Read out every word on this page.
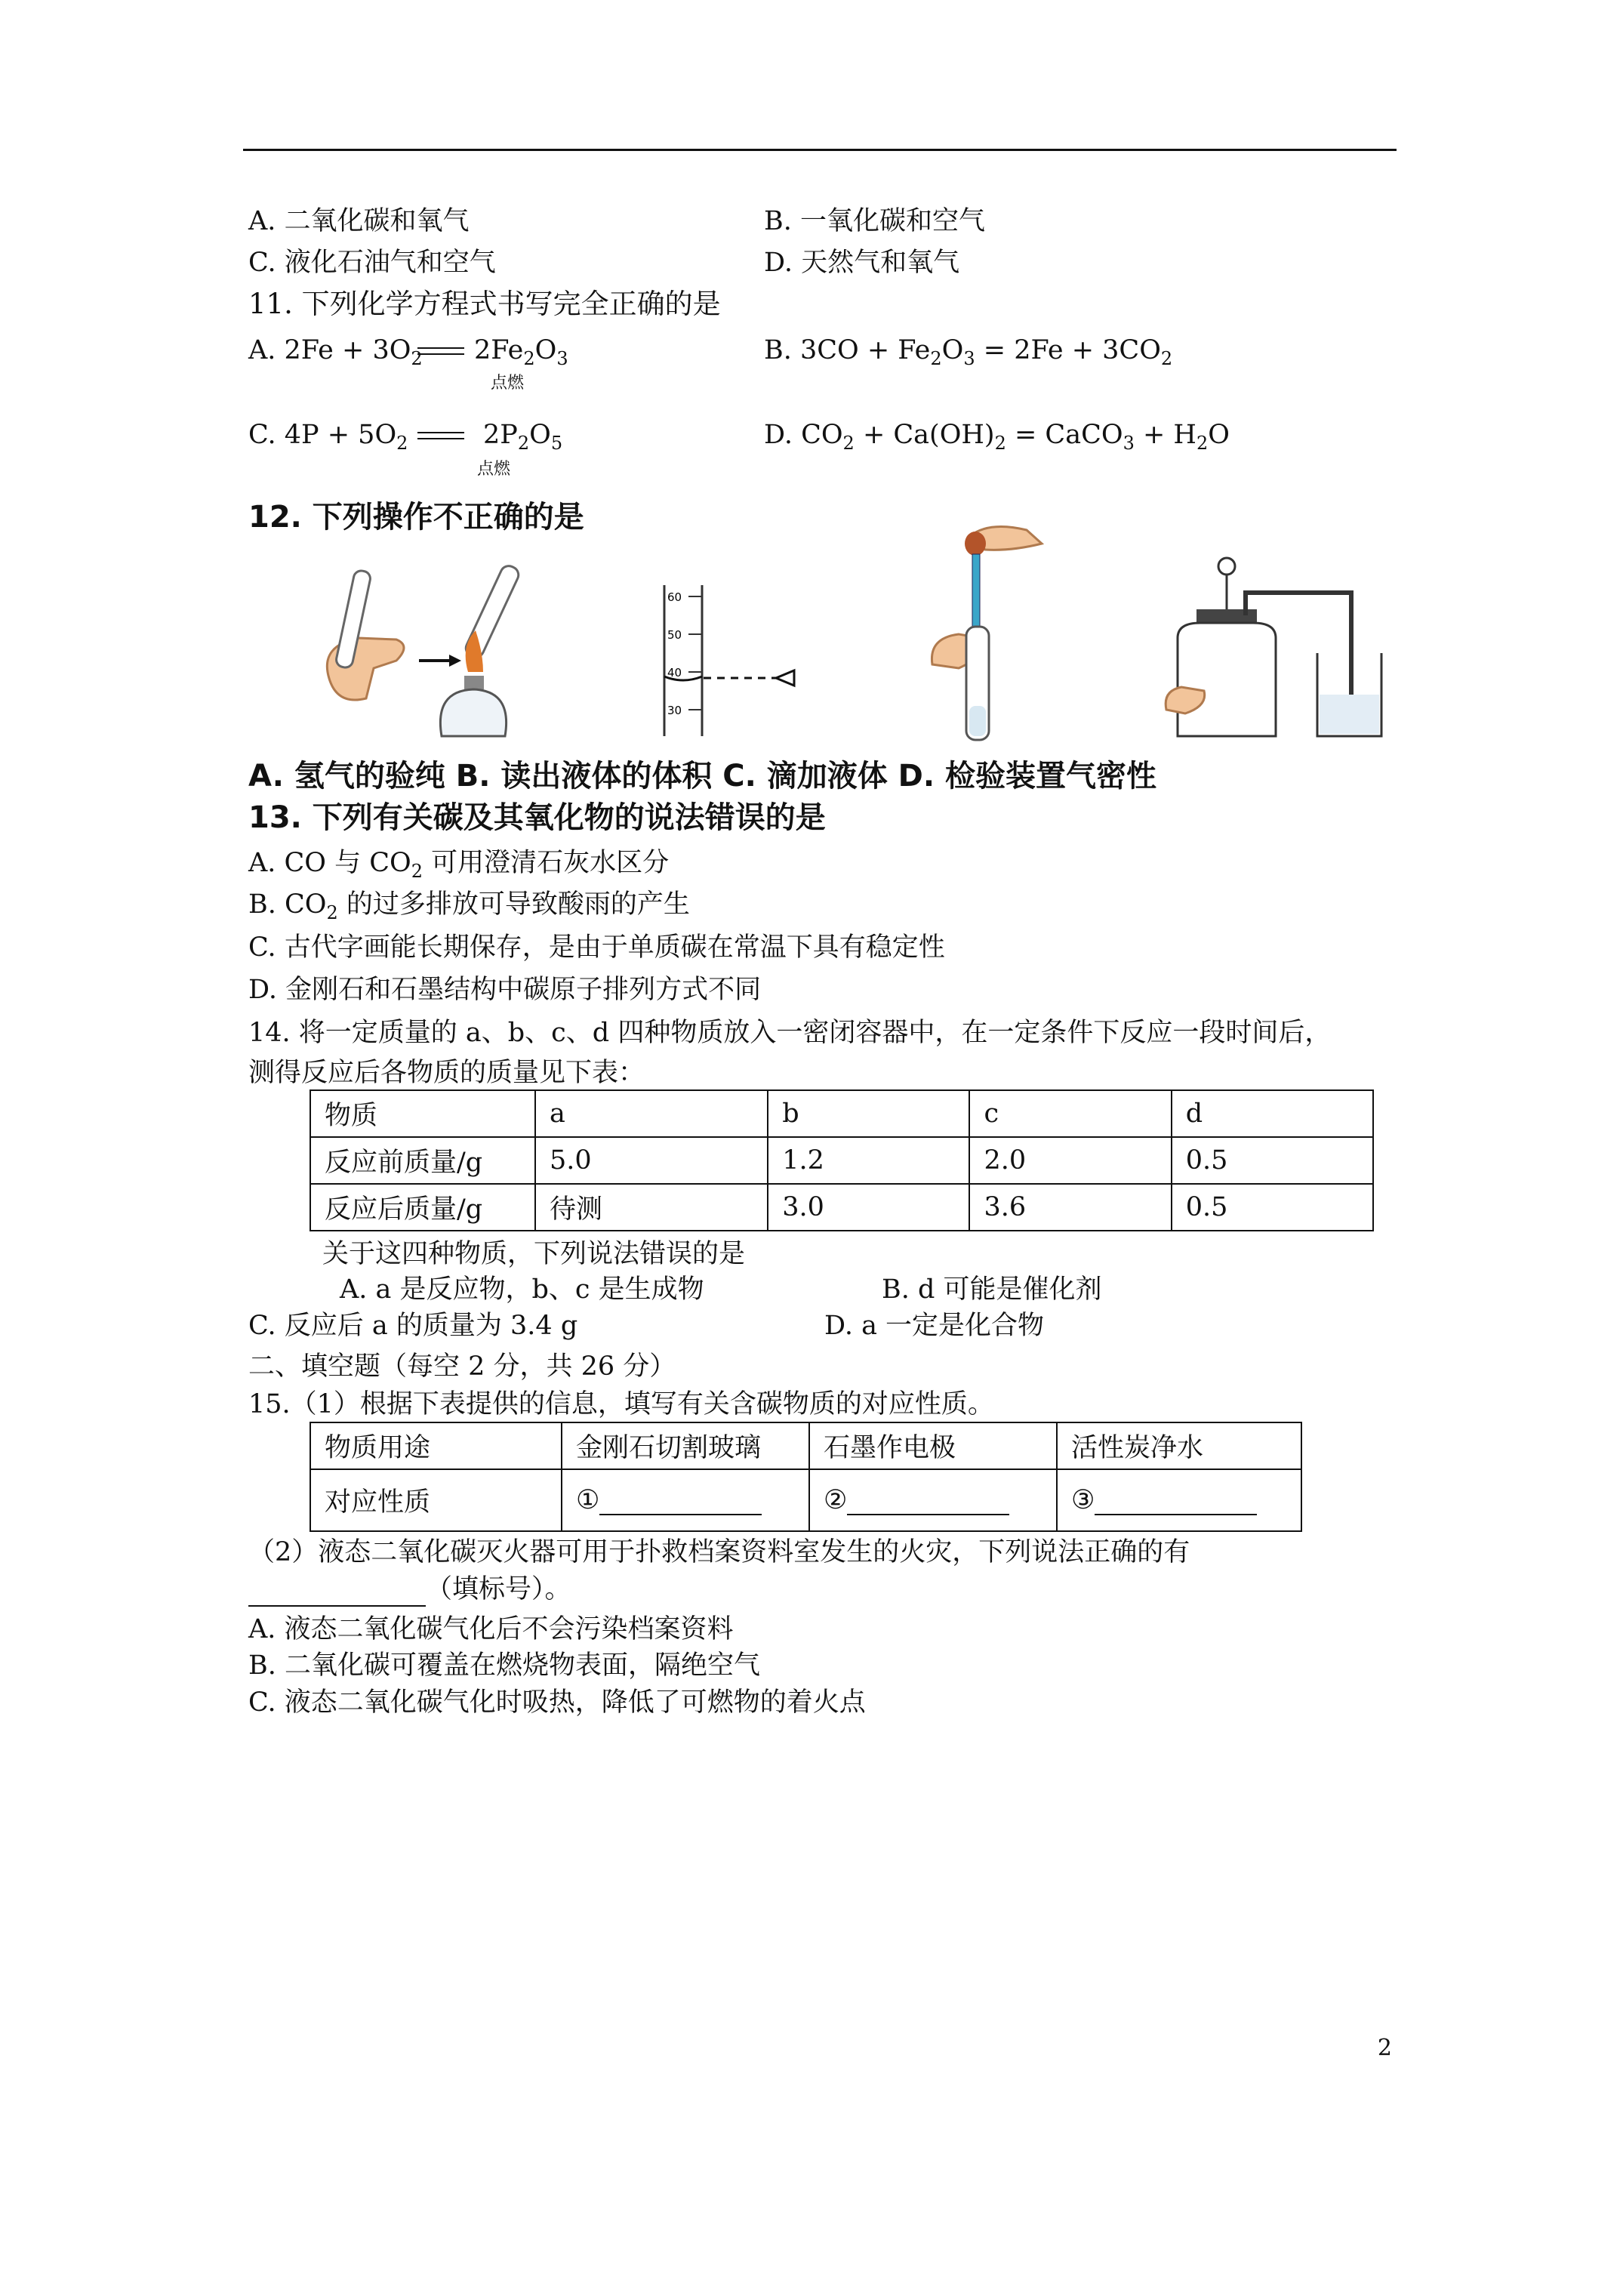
A. 二氧化碳和氧气	B. 一氧化碳和空气
C. 液化石油气和空气	D. 天然气和氧气
11. 下列化学方程式书写完全正确的是
A. $2Fe + 3O_2$ $2Fe_2O_3$
点燃
B. $3CO + Fe_2O_3 = 2Fe + 3CO_2$
C. $4P + 5O_2$	$2P_2O_5$
点燃
D. $CO_2 + Ca(OH)_2$ = CaCO$_3$ + $H_2O$
12. 下列操作不正确的是
60
50
40
30
A. 氢气的验纯 B. 读出液体的体积 C. 滴加液体 D. 检验装置气密性
13. 下列有关碳及其氧化物的说法错误的是
A. CO 与 $CO_2$ 可用澄清石灰水区分
B. $CO_2$ 的过多排放可导致酸雨的产生
C. 古代字画能长期保存，是由于单质碳在常温下具有稳定性
D. 金刚石和石墨结构中碳原子排列方式不同
14. 将一定质量的 a、b、c、d 四种物质放入一密闭容器中，在一定条件下反应一段时间后，
测得反应后各物质的质量见下表：
物质	a	b	c	d
反应前质量/g	5.0	1.2	2.0	0.5
反应后质量/g	待测	3.0	3.6	0.5
关于这四种物质，下列说法错误的是
A. a 是反应物，b、c 是生成物	B. d 可能是催化剂
C. 反应后 a 的质量为 3.4 g	D. a 一定是化合物
二、填空题（每空 2 分，共 26 分）
15.（1）根据下表提供的信息，填写有关含碳物质的对应性质。
物质用途	金刚石切割玻璃	石墨作电极	活性炭净水
对应性质	①	②	③
（2）液态二氧化碳灭火器可用于扑救档案资料室发生的火灾，下列说法正确的有
（填标号）。
A. 液态二氧化碳气化后不会污染档案资料
B. 二氧化碳可覆盖在燃烧物表面，隔绝空气
C. 液态二氧化碳气化时吸热，降低了可燃物的着火点
2
